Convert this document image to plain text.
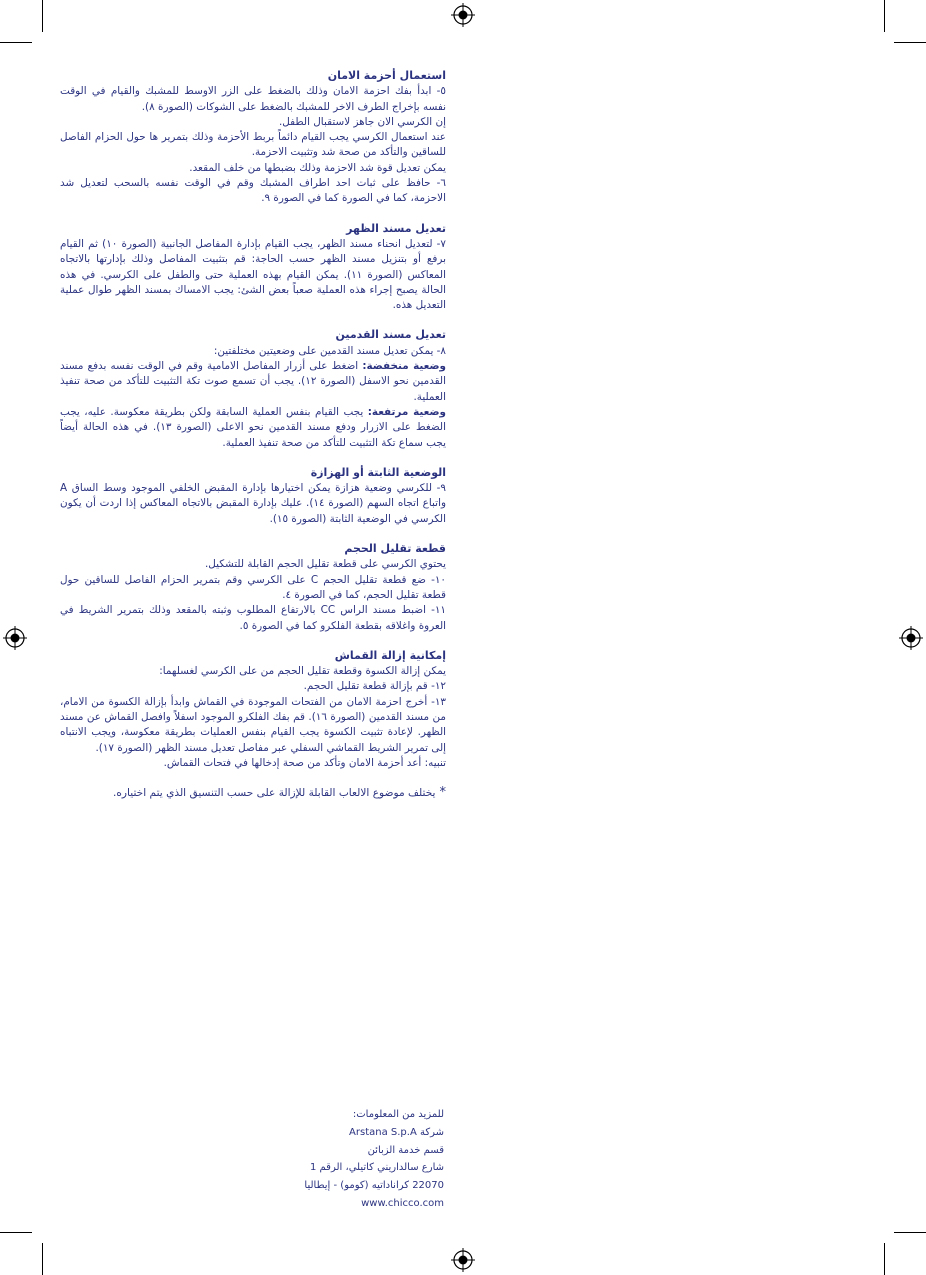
استعمال أحزمة الامان

٥- ابدأ بفك احزمة الامان وذلك بالضغط على الزر الاوسط للمشبك والقيام في الوقت نفسه بإخراج الطرف الاخر للمشبك بالضغط على الشوكات (الصورة ٨).

إن الكرسي الان جاهز لاستقبال الطفل.

عند استعمال الكرسي يجب القيام دائماً بربط الأحزمة وذلك بتمرير ها حول الحزام الفاصل للساقين والتأكد من صحة شد وتثبيت الاحزمة.

يمكن تعديل قوة شد الاحزمة وذلك بضبطها من خلف المقعد.

٦- حافظ على ثبات احد اطراف المشبك وقم في الوقت نفسه بالسحب لتعديل شد الاحزمة، كما في الصورة كما في الصورة ٩.

تعديل مسند الظهر

٧- لتعديل انحناء مسند الظهر، يجب القيام بإدارة المفاصل الجانبية (الصورة ١٠) ثم القيام برفع أو بتنزيل مسند الظهر حسب الحاجة: قم بتثبيت المفاصل وذلك بإدارتها بالاتجاه المعاكس (الصورة ١١). يمكن القيام بهذه العملية حتى والطفل على الكرسي. في هذه الحالة يصبح إجراء هذه العملية صعباً بعض الشئ: يجب الامساك بمسند الظهر طوال عملية التعديل هذه.

تعديل مسند القدمين

٨- يمكن تعديل مسند القدمين على وضعيتين مختلفتين:

وضعية منخفضة: اضغط على أزرار المفاصل الامامية وقم في الوقت نفسه بدفع مسند القدمين نحو الاسفل (الصورة ١٢). يجب أن تسمع صوت تكة التثبيت للتأكد من صحة تنفيذ العملية.

وضعية مرتفعة: يجب القيام بنفس العملية السابقة ولكن بطريقة معكوسة. عليه، يجب الضغط على الازرار ودفع مسند القدمين نحو الاعلى (الصورة ١٣). في هذه الحالة أيضاً يجب سماع تكة التثبيت للتأكد من صحة تنفيذ العملية.

الوضعية الثابتة أو الهزازة

٩- للكرسي وضعية هزازة يمكن اختيارها بإدارة المقبض الخلفي الموجود وسط الساق A واتباع اتجاه السهم (الصورة ١٤). عليك بإدارة المقبض بالاتجاه المعاكس إذا اردت أن يكون الكرسي في الوضعية الثابتة (الصورة ١٥).

قطعة تقليل الحجم

يحتوي الكرسي على قطعة تقليل الحجم القابلة للتشكيل.

١٠- ضع قطعة تقليل الحجم C على الكرسي وقم بتمرير الحزام الفاصل للساقين حول قطعة تقليل الحجم، كما في الصورة ٤.

١١- اضبط مسند الراس CC بالارتفاع المطلوب وثبته بالمقعد وذلك بتمرير الشريط في العروة واغلاقه بقطعة الفلكرو كما في الصورة ٥.

إمكانية إزالة القماش

يمكن إزالة الكسوة وقطعة تقليل الحجم من على الكرسي لغسلهما:

١٢- قم بإزالة قطعة تقليل الحجم.

١٣- أخرج احزمة الامان من الفتحات الموجودة في القماش وابدأ بإزالة الكسوة من الامام، من مسند القدمين (الصورة ١٦). قم بفك الفلكرو الموجود اسفلاً وافصل القماش عن مسند الظهر. لإعادة تثبيت الكسوة يجب القيام بنفس العمليات بطريقة معكوسة، ويجب الانتباه إلى تمرير الشريط القماشي السفلي عبر مفاصل تعديل مسند الظهر (الصورة ١٧).

تنبيه: أعد أحزمة الامان وتأكد من صحة إدخالها في فتحات القماش.

*يختلف موضوع الالعاب القابلة للإزالة على حسب التنسيق الذي يتم اختياره.

للمزيد من المعلومات:
شركة Arstana S.p.A
قسم خدمة الزبائن
شارع سالداريني كاتيلي، الرقم 1
22070 كراناداتيه (كومو) - إيطاليا
www.chicco.com
